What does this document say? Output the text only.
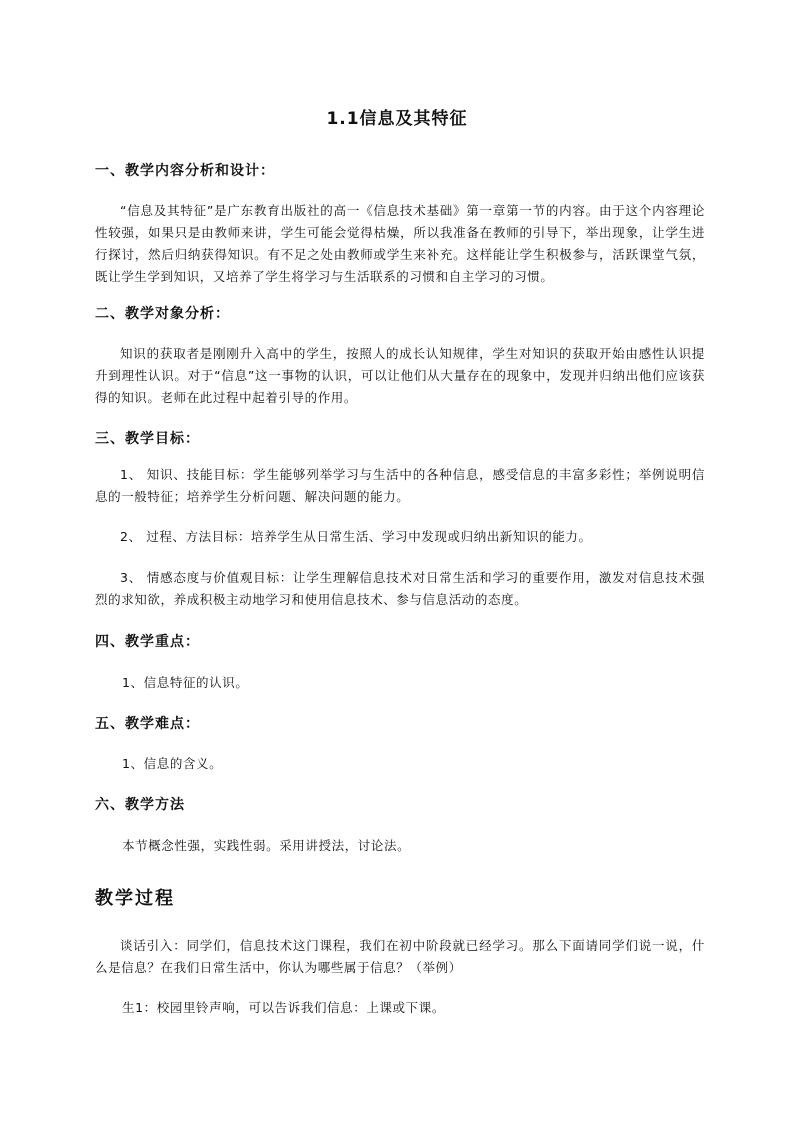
1.1信息及其特征
一、教学内容分析和设计：
“信息及其特征”是广东教育出版社的高一《信息技术基础》第一章第一节的内容。由于这个内容理论性较强，如果只是由教师来讲，学生可能会觉得枯燥，所以我准备在教师的引导下，举出现象，让学生进行探讨，然后归纳获得知识。有不足之处由教师或学生来补充。这样能让学生积极参与，活跃课堂气氛，既让学生学到知识，又培养了学生将学习与生活联系的习惯和自主学习的习惯。
二、教学对象分析：
知识的获取者是刚刚升入高中的学生，按照人的成长认知规律，学生对知识的获取开始由感性认识提升到理性认识。对于“信息”这一事物的认识，可以让他们从大量存在的现象中，发现并归纳出他们应该获得的知识。老师在此过程中起着引导的作用。
三、教学目标：
1、 知识、技能目标：学生能够列举学习与生活中的各种信息，感受信息的丰富多彩性；举例说明信息的一般特征；培养学生分析问题、解决问题的能力。
2、 过程、方法目标：培养学生从日常生活、学习中发现或归纳出新知识的能力。
3、 情感态度与价值观目标：让学生理解信息技术对日常生活和学习的重要作用，激发对信息技术强烈的求知欲，养成积极主动地学习和使用信息技术、参与信息活动的态度。
四、教学重点：
1、信息特征的认识。
五、教学难点：
1、信息的含义。
六、教学方法
本节概念性强，实践性弱。采用讲授法，讨论法。
教学过程
谈话引入：同学们，信息技术这门课程，我们在初中阶段就已经学习。那么下面请同学们说一说，什么是信息？在我们日常生活中，你认为哪些属于信息？（举例）
生1：校园里铃声响，可以告诉我们信息：上课或下课。
